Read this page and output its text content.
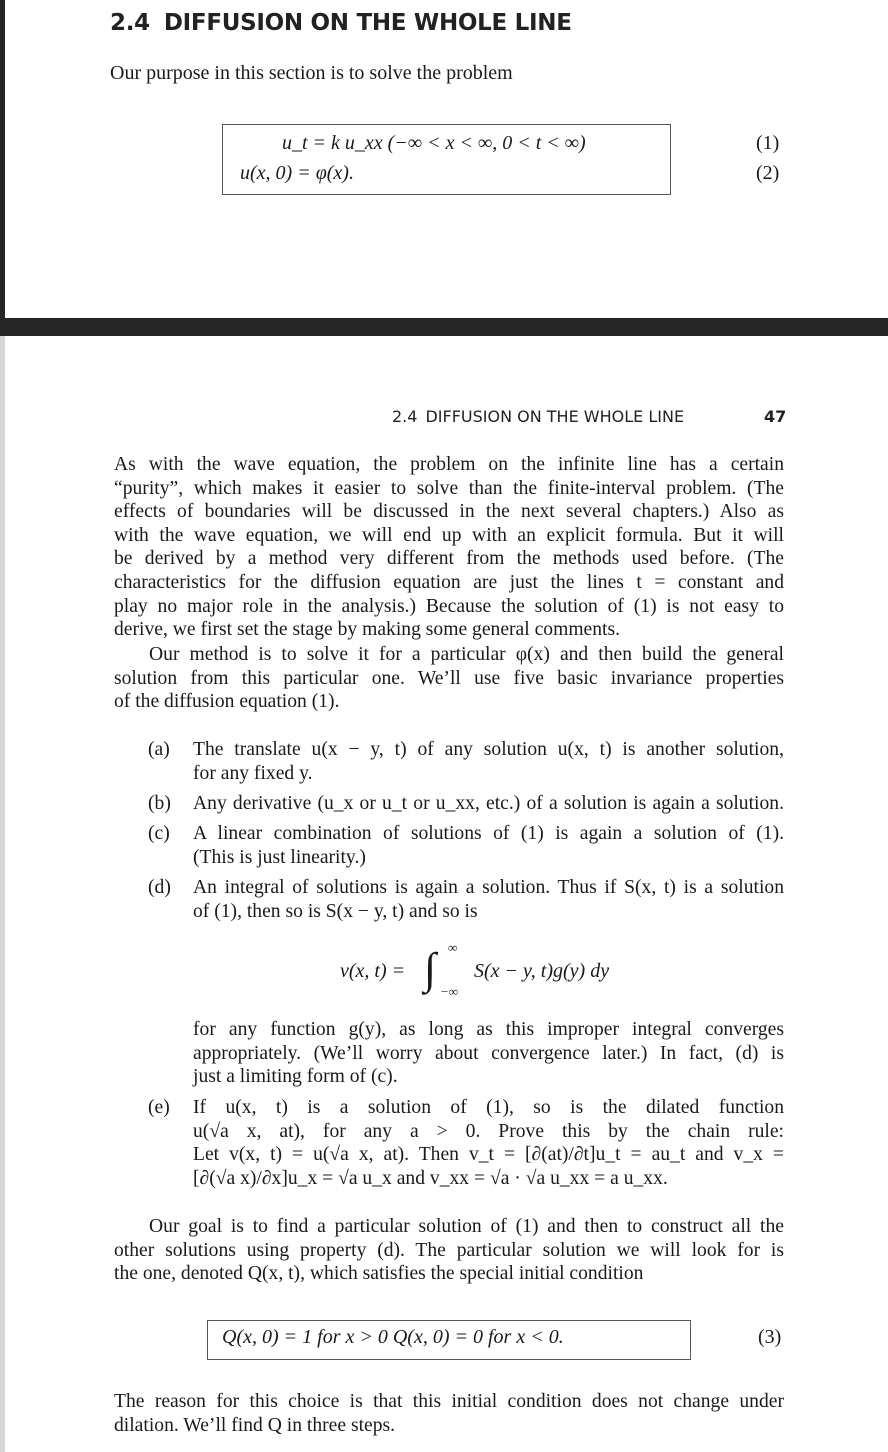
2.4 DIFFUSION ON THE WHOLE LINE
Our purpose in this section is to solve the problem
u_t = k u_xx (−∞ < x < ∞, 0 < t < ∞)
u(x, 0) = φ(x).
(1)
(2)
2.4 DIFFUSION ON THE WHOLE LINE	47
As with the wave equation, the problem on the infinite line has a certain
“purity”, which makes it easier to solve than the finite-interval problem. (The
effects of boundaries will be discussed in the next several chapters.) Also as
with the wave equation, we will end up with an explicit formula. But it will
be derived by a method very different from the methods used before. (The
characteristics for the diffusion equation are just the lines t = constant and
play no major role in the analysis.) Because the solution of (1) is not easy to
derive, we first set the stage by making some general comments.
Our method is to solve it for a particular φ(x) and then build the general
solution from this particular one. We’ll use five basic invariance properties
of the diffusion equation (1).
(a)	The translate u(x − y, t) of any solution u(x, t) is another solution,
for any fixed y.
(b)	Any derivative (u_x or u_t or u_xx, etc.) of a solution is again a solution.
(c)	A linear combination of solutions of (1) is again a solution of (1).
(This is just linearity.)
(d)	An integral of solutions is again a solution. Thus if S(x, t) is a solution
of (1), then so is S(x − y, t) and so is
v(x, t) = ∫ ∞
−∞
S(x − y, t)g(y) dy
for any function g(y), as long as this improper integral converges
appropriately. (We’ll worry about convergence later.) In fact, (d) is
just a limiting form of (c).
(e)	If u(x, t) is a solution of (1), so is the dilated function
u(√a x, at), for any a > 0. Prove this by the chain rule:
Let v(x, t) = u(√a x, at). Then v_t = [∂(at)/∂t]u_t = au_t and v_x =
[∂(√a x)/∂x]u_x = √a u_x and v_xx = √a · √a u_xx = a u_xx.
Our goal is to find a particular solution of (1) and then to construct all the
other solutions using property (d). The particular solution we will look for is
the one, denoted Q(x, t), which satisfies the special initial condition
Q(x, 0) = 1 for x > 0 Q(x, 0) = 0 for x < 0.	(3)
The reason for this choice is that this initial condition does not change under
dilation. We’ll find Q in three steps.
